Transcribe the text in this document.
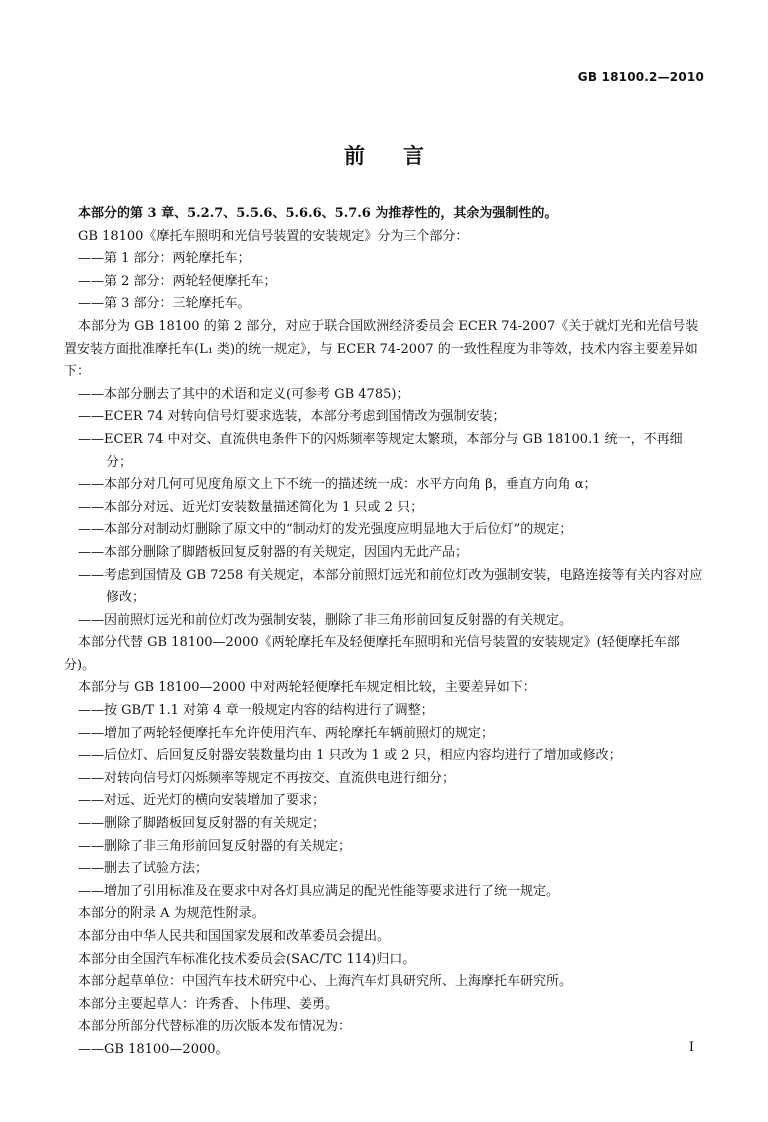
GB 18100.2—2010
前言

本部分的第 3 章、5.2.7、5.5.6、5.6.6、5.7.6 为推荐性的，其余为强制性的。

GB 18100《摩托车照明和光信号装置的安装规定》分为三个部分：

——第 1 部分：两轮摩托车；

——第 2 部分：两轮轻便摩托车；

——第 3 部分：三轮摩托车。

本部分为 GB 18100 的第 2 部分，对应于联合国欧洲经济委员会 ECER 74-2007《关于就灯光和光信号装置安装方面批准摩托车(L₁ 类)的统一规定》，与 ECER 74-2007 的一致性程度为非等效，技术内容主要差异如下：

——本部分删去了其中的术语和定义(可参考 GB 4785)；

——ECER 74 对转向信号灯要求选装，本部分考虑到国情改为强制安装；

——ECER 74 中对交、直流供电条件下的闪烁频率等规定太繁琐，本部分与 GB 18100.1 统一，不再细分；

——本部分对几何可见度角原文上下不统一的描述统一成：水平方向角 β，垂直方向角 α；

——本部分对远、近光灯安装数量描述简化为 1 只或 2 只；

——本部分对制动灯删除了原文中的“制动灯的发光强度应明显地大于后位灯”的规定；

——本部分删除了脚踏板回复反射器的有关规定，因国内无此产品；

——考虑到国情及 GB 7258 有关规定，本部分前照灯远光和前位灯改为强制安装，电路连接等有关内容对应修改；

——因前照灯远光和前位灯改为强制安装，删除了非三角形前回复反射器的有关规定。

本部分代替 GB 18100—2000《两轮摩托车及轻便摩托车照明和光信号装置的安装规定》(轻便摩托车部分)。

本部分与 GB 18100—2000 中对两轮轻便摩托车规定相比较，主要差异如下：

——按 GB/T 1.1 对第 4 章一般规定内容的结构进行了调整；

——增加了两轮轻便摩托车允许使用汽车、两轮摩托车辆前照灯的规定；

——后位灯、后回复反射器安装数量均由 1 只改为 1 或 2 只，相应内容均进行了增加或修改；

——对转向信号灯闪烁频率等规定不再按交、直流供电进行细分；

——对远、近光灯的横向安装增加了要求；

——删除了脚踏板回复反射器的有关规定；

——删除了非三角形前回复反射器的有关规定；

——删去了试验方法；

——增加了引用标准及在要求中对各灯具应满足的配光性能等要求进行了统一规定。

本部分的附录 A 为规范性附录。

本部分由中华人民共和国国家发展和改革委员会提出。

本部分由全国汽车标准化技术委员会(SAC/TC 114)归口。

本部分起草单位：中国汽车技术研究中心、上海汽车灯具研究所、上海摩托车研究所。

本部分主要起草人：许秀香、卜伟理、姜勇。

本部分所部分代替标准的历次版本发布情况为：

——GB 18100—2000。	I
